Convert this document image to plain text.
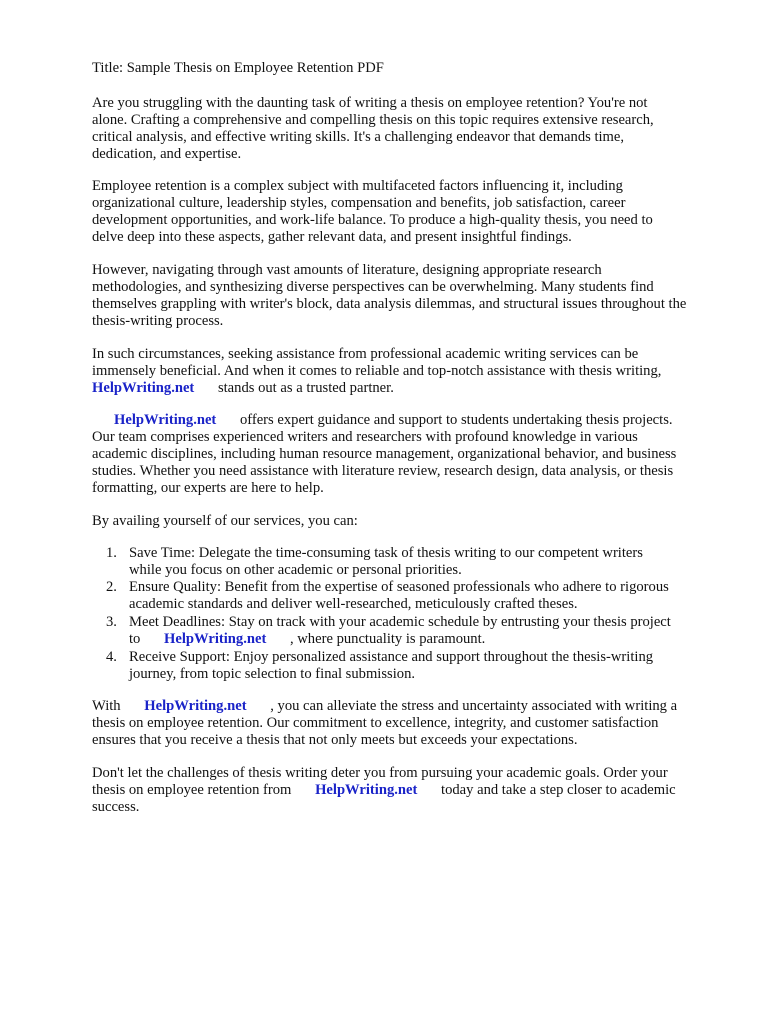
Title: Sample Thesis on Employee Retention PDF
Are you struggling with the daunting task of writing a thesis on employee retention? You're not
alone. Crafting a comprehensive and compelling thesis on this topic requires extensive research,
critical analysis, and effective writing skills. It's a challenging endeavor that demands time,
dedication, and expertise.
Employee retention is a complex subject with multifaceted factors influencing it, including
organizational culture, leadership styles, compensation and benefits, job satisfaction, career
development opportunities, and work-life balance. To produce a high-quality thesis, you need to
delve deep into these aspects, gather relevant data, and present insightful findings.
However, navigating through vast amounts of literature, designing appropriate research
methodologies, and synthesizing diverse perspectives can be overwhelming. Many students find
themselves grappling with writer's block, data analysis dilemmas, and structural issues throughout the
thesis-writing process.
In such circumstances, seeking assistance from professional academic writing services can be
immensely beneficial. And when it comes to reliable and top-notch assistance with thesis writing,
HelpWriting.net stands out as a trusted partner.
HelpWriting.net offers expert guidance and support to students undertaking thesis projects.
Our team comprises experienced writers and researchers with profound knowledge in various
academic disciplines, including human resource management, organizational behavior, and business
studies. Whether you need assistance with literature review, research design, data analysis, or thesis
formatting, our experts are here to help.
By availing yourself of our services, you can:
1. Save Time: Delegate the time-consuming task of thesis writing to our competent writers
while you focus on other academic or personal priorities.
2. Ensure Quality: Benefit from the expertise of seasoned professionals who adhere to rigorous
academic standards and deliver well-researched, meticulously crafted theses.
3. Meet Deadlines: Stay on track with your academic schedule by entrusting your thesis project
to HelpWriting.net , where punctuality is paramount.
4. Receive Support: Enjoy personalized assistance and support throughout the thesis-writing
journey, from topic selection to final submission.
With HelpWriting.net , you can alleviate the stress and uncertainty associated with writing a
thesis on employee retention. Our commitment to excellence, integrity, and customer satisfaction
ensures that you receive a thesis that not only meets but exceeds your expectations.
Don't let the challenges of thesis writing deter you from pursuing your academic goals. Order your
thesis on employee retention from HelpWriting.net today and take a step closer to academic
success.
